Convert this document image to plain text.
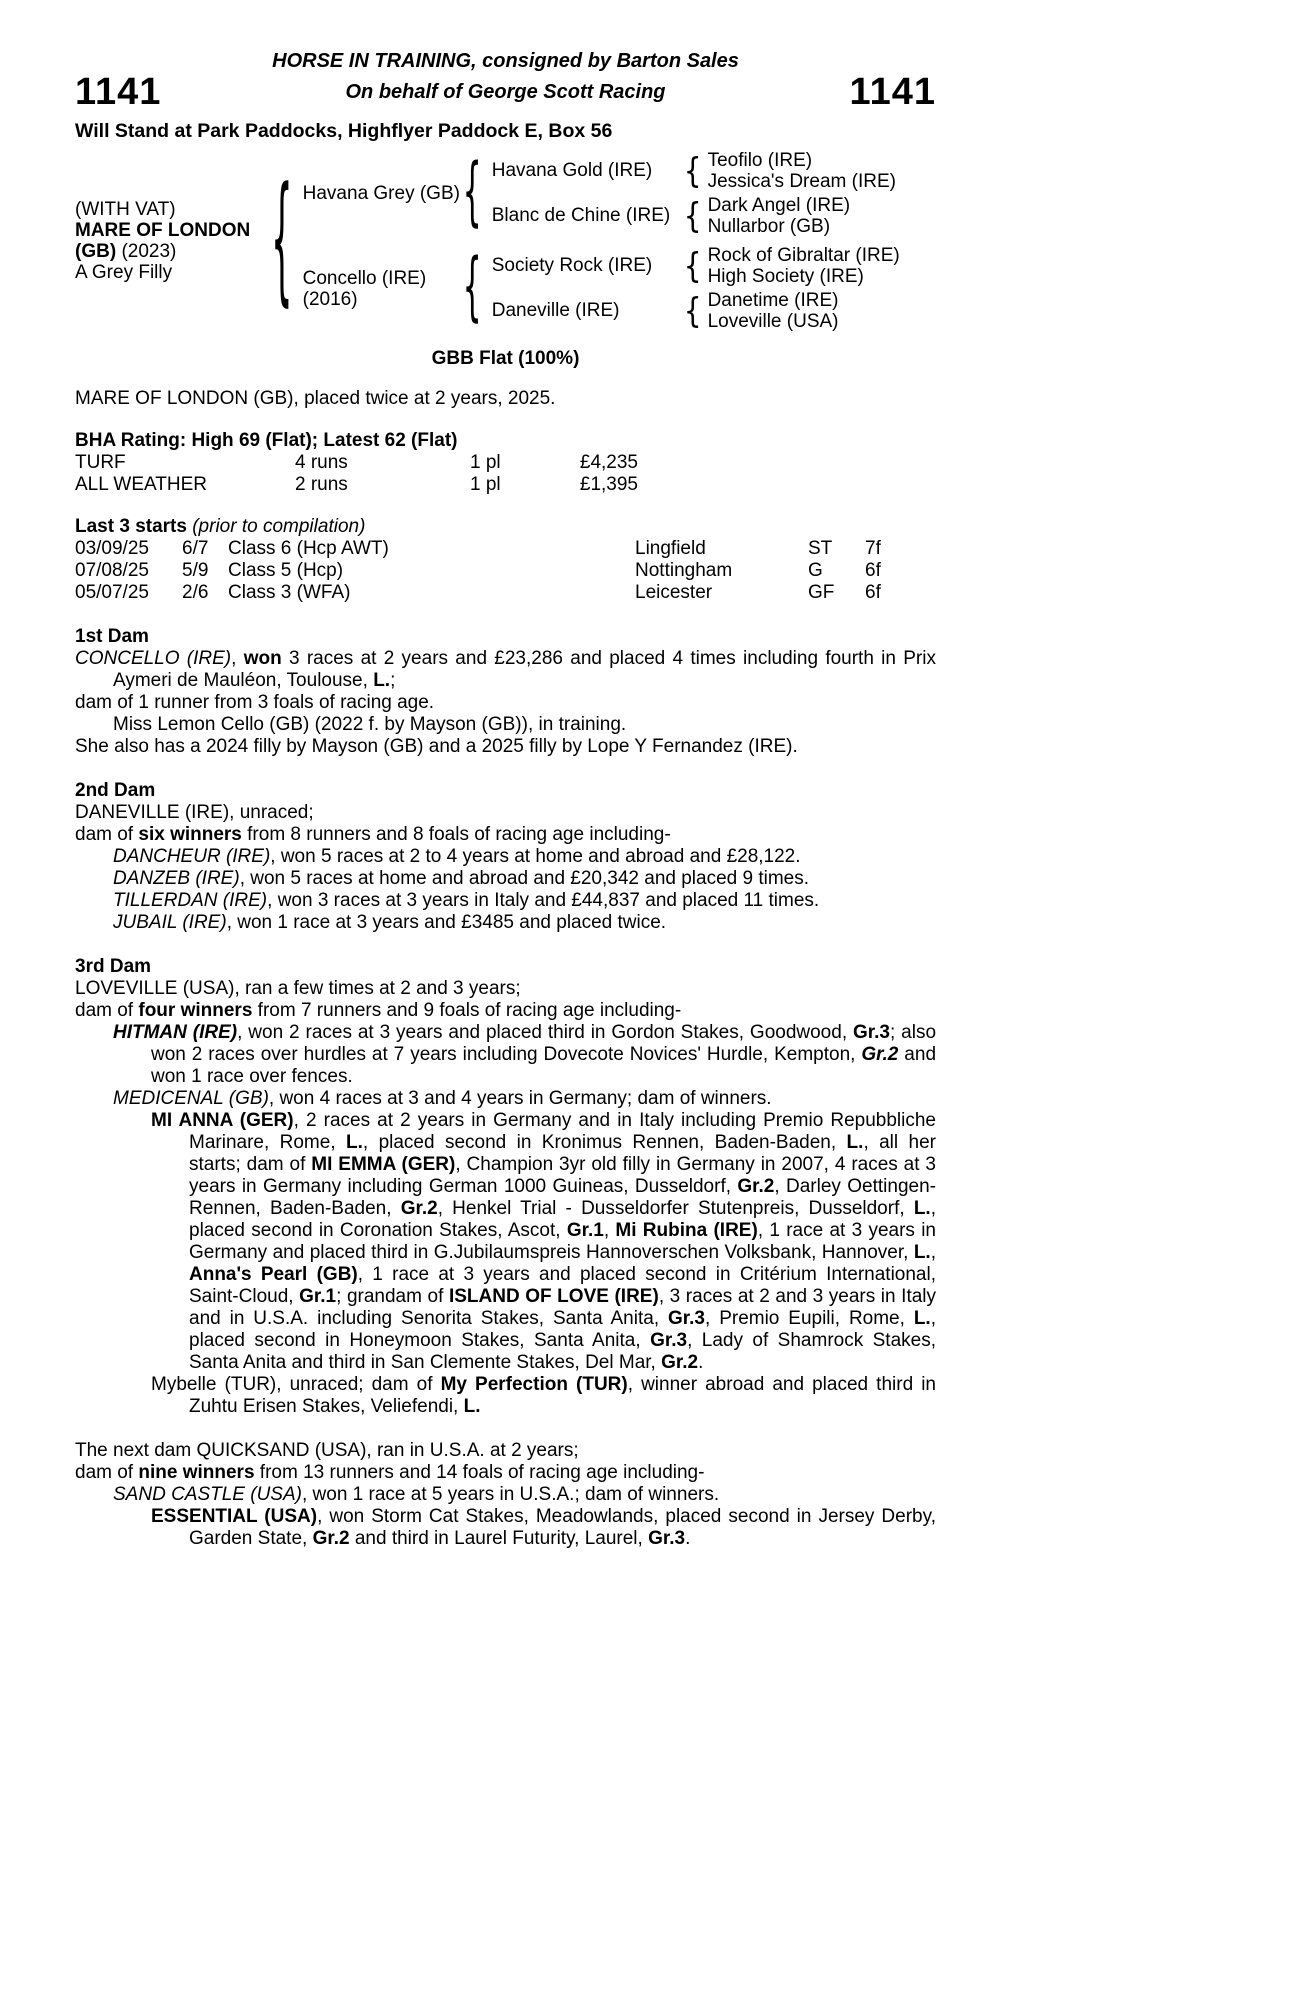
HORSE IN TRAINING, consigned by Barton Sales
1141	On behalf of George Scott Racing	1141
Will Stand at Park Paddocks, Highflyer Paddock E, Box 56
(WITH VAT)
MARE OF LONDON
(GB) (2023)
A Grey Filly	{ Havana Grey (GB) { Havana Gold (IRE)	{ Teofilo (IRE)
Jessica's Dream (IRE)
Blanc de Chine (IRE) { Dark Angel (IRE)
Nullarbor (GB)
Concello (IRE)
(2016)	{ Society Rock (IRE)	{ Rock of Gibraltar (IRE)
High Society (IRE)
Daneville (IRE)	{ Danetime (IRE)
Loveville (USA)
GBB Flat (100%)
MARE OF LONDON (GB), placed twice at 2 years, 2025.
BHA Rating: High 69 (Flat); Latest 62 (Flat)
TURF	4 runs	1 pl	£4,235
ALL WEATHER	2 runs	1 pl	£1,395
Last 3 starts (prior to compilation)
03/09/25	6/7	Class 6 (Hcp AWT)	Lingfield	ST	7f
07/08/25	5/9	Class 5 (Hcp)	Nottingham	G	6f
05/07/25	2/6	Class 3 (WFA)	Leicester	GF	6f
1st Dam

CONCELLO (IRE), won 3 races at 2 years and £23,286 and placed 4 times including fourth in Prix Aymeri de Mauléon, Toulouse, L.;

dam of 1 runner from 3 foals of racing age.

Miss Lemon Cello (GB) (2022 f. by Mayson (GB)), in training.

She also has a 2024 filly by Mayson (GB) and a 2025 filly by Lope Y Fernandez (IRE).

2nd Dam

DANEVILLE (IRE), unraced;

dam of six winners from 8 runners and 8 foals of racing age including-

DANCHEUR (IRE), won 5 races at 2 to 4 years at home and abroad and £28,122.

DANZEB (IRE), won 5 races at home and abroad and £20,342 and placed 9 times.

TILLERDAN (IRE), won 3 races at 3 years in Italy and £44,837 and placed 11 times.

JUBAIL (IRE), won 1 race at 3 years and £3485 and placed twice.

3rd Dam

LOVEVILLE (USA), ran a few times at 2 and 3 years;

dam of four winners from 7 runners and 9 foals of racing age including-

HITMAN (IRE), won 2 races at 3 years and placed third in Gordon Stakes, Goodwood, Gr.3; also won 2 races over hurdles at 7 years including Dovecote Novices' Hurdle, Kempton, Gr.2 and won 1 race over fences.

MEDICENAL (GB), won 4 races at 3 and 4 years in Germany; dam of winners.

MI ANNA (GER), 2 races at 2 years in Germany and in Italy including Premio Repubbliche Marinare, Rome, L., placed second in Kronimus Rennen, Baden-Baden, L., all her starts; dam of MI EMMA (GER), Champion 3yr old filly in Germany in 2007, 4 races at 3 years in Germany including German 1000 Guineas, Dusseldorf, Gr.2, Darley Oettingen-Rennen, Baden-Baden, Gr.2, Henkel Trial - Dusseldorfer Stutenpreis, Dusseldorf, L., placed second in Coronation Stakes, Ascot, Gr.1, Mi Rubina (IRE), 1 race at 3 years in Germany and placed third in G.Jubilaumspreis Hannoverschen Volksbank, Hannover, L., Anna's Pearl (GB), 1 race at 3 years and placed second in Critérium International, Saint-Cloud, Gr.1; grandam of ISLAND OF LOVE (IRE), 3 races at 2 and 3 years in Italy and in U.S.A. including Senorita Stakes, Santa Anita, Gr.3, Premio Eupili, Rome, L., placed second in Honeymoon Stakes, Santa Anita, Gr.3, Lady of Shamrock Stakes, Santa Anita and third in San Clemente Stakes, Del Mar, Gr.2.

Mybelle (TUR), unraced; dam of My Perfection (TUR), winner abroad and placed third in Zuhtu Erisen Stakes, Veliefendi, L.

The next dam QUICKSAND (USA), ran in U.S.A. at 2 years;

dam of nine winners from 13 runners and 14 foals of racing age including-

SAND CASTLE (USA), won 1 race at 5 years in U.S.A.; dam of winners.

ESSENTIAL (USA), won Storm Cat Stakes, Meadowlands, placed second in Jersey Derby, Garden State, Gr.2 and third in Laurel Futurity, Laurel, Gr.3.
